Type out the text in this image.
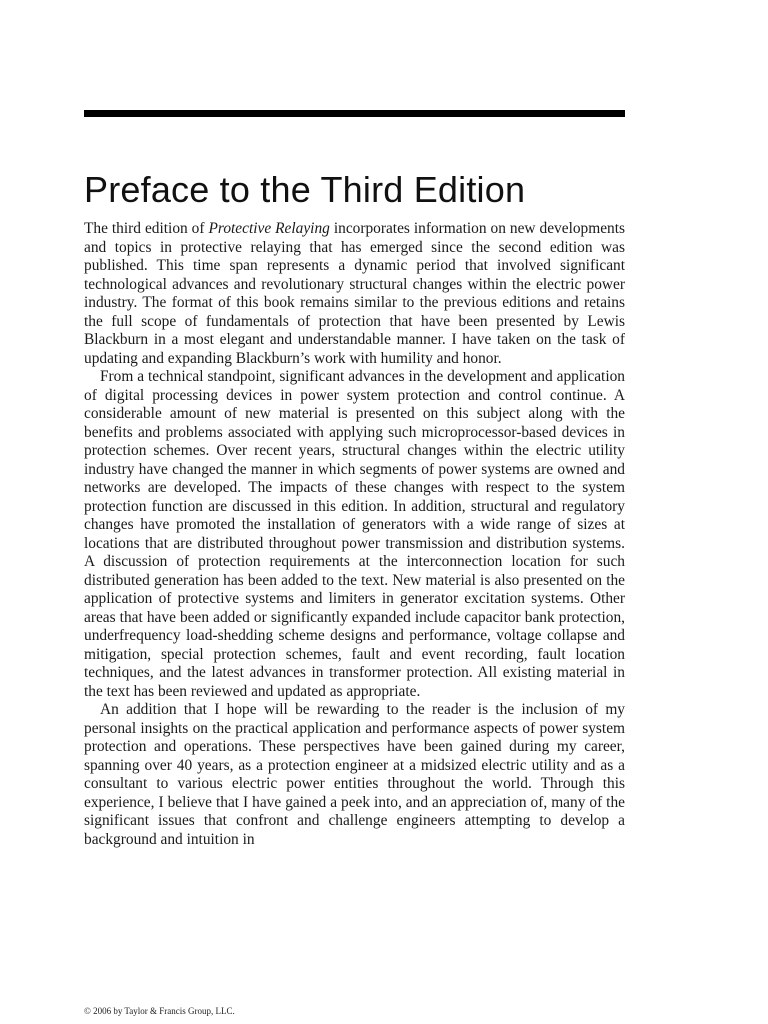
Preface to the Third Edition

The third edition of Protective Relaying incorporates information on new developments and topics in protective relaying that has emerged since the second edition was published. This time span represents a dynamic period that involved significant technological advances and revolutionary structural changes within the electric power industry. The format of this book remains similar to the previous editions and retains the full scope of fundamentals of protection that have been presented by Lewis Blackburn in a most elegant and understandable manner. I have taken on the task of updating and expanding Blackburn’s work with humility and honor.

From a technical standpoint, significant advances in the development and application of digital processing devices in power system protection and control continue. A considerable amount of new material is presented on this subject along with the benefits and problems associated with applying such microprocessor-based devices in protection schemes. Over recent years, structural changes within the electric utility industry have changed the manner in which segments of power systems are owned and networks are developed. The impacts of these changes with respect to the system protection function are discussed in this edition. In addition, structural and regulatory changes have promoted the installation of generators with a wide range of sizes at locations that are distributed throughout power transmission and distribution systems. A discussion of protection requirements at the interconnection location for such distributed generation has been added to the text. New material is also presented on the application of protective systems and limiters in generator excitation systems. Other areas that have been added or significantly expanded include capacitor bank protection, underfrequency load-shedding scheme designs and performance, voltage collapse and mitigation, special protection schemes, fault and event recording, fault location techniques, and the latest advances in transformer protection. All existing material in the text has been reviewed and updated as appropriate.

An addition that I hope will be rewarding to the reader is the inclusion of my personal insights on the practical application and performance aspects of power system protection and operations. These perspectives have been gained during my career, spanning over 40 years, as a protection engineer at a midsized electric utility and as a consultant to various electric power entities throughout the world. Through this experience, I believe that I have gained a peek into, and an appreciation of, many of the significant issues that confront and challenge engineers attempting to develop a background and intuition in

© 2006 by Taylor & Francis Group, LLC.
